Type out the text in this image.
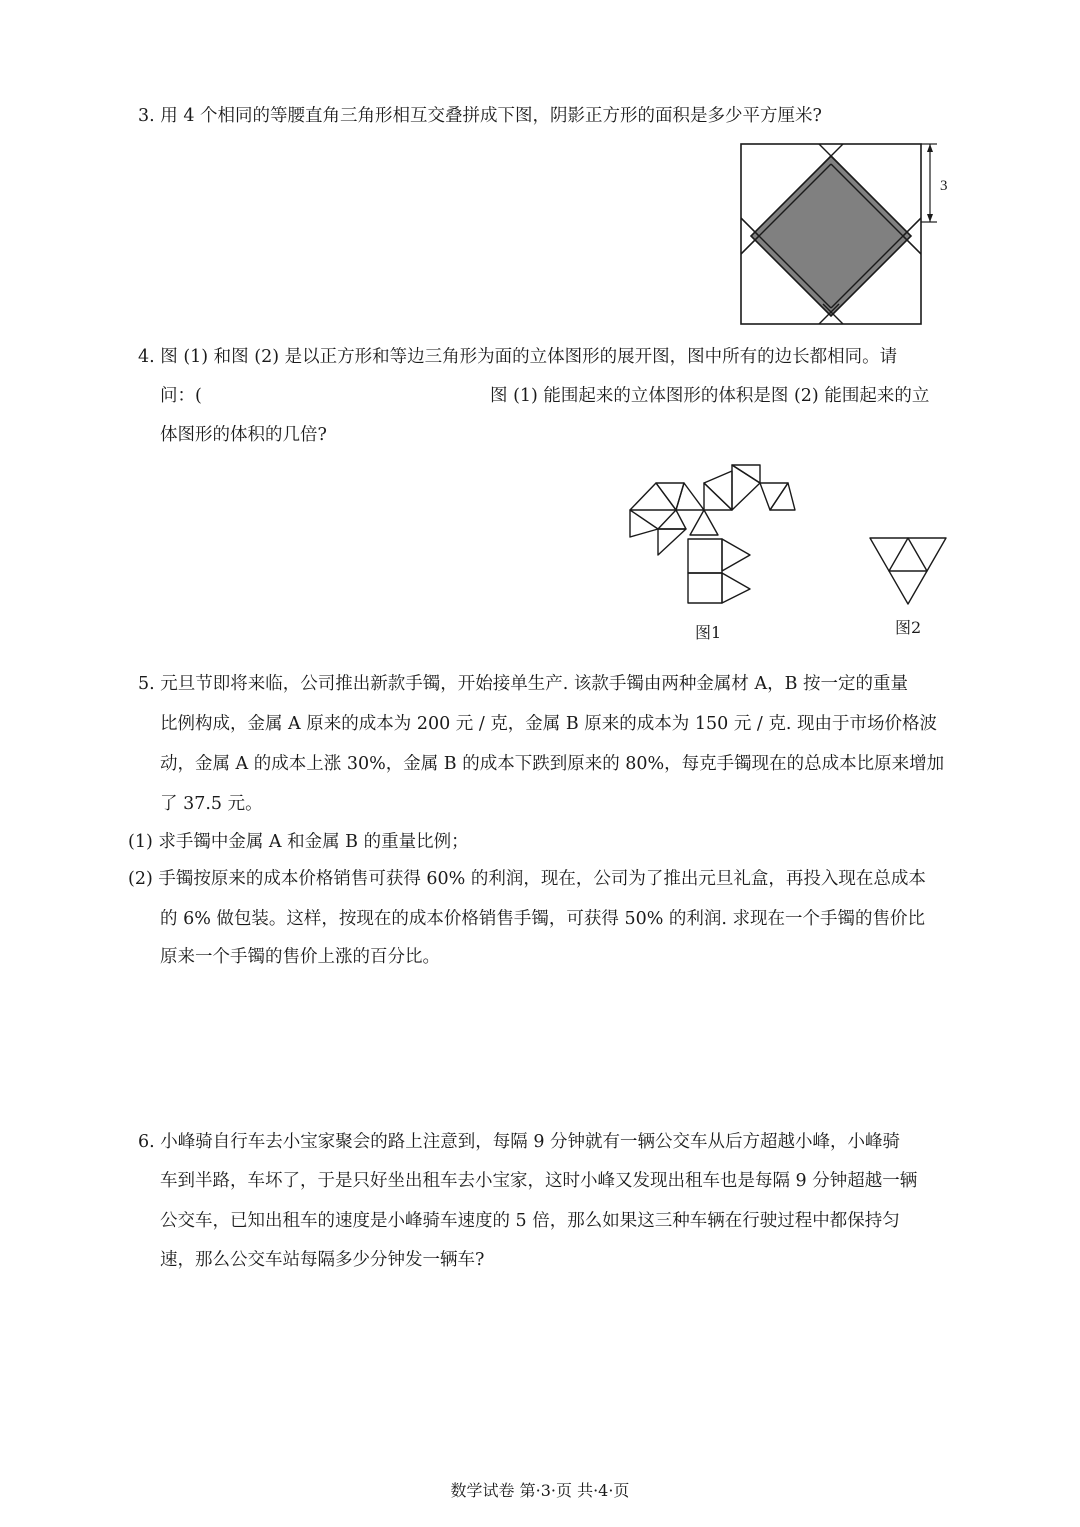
3. 用 4 个相同的等腰直角三角形相互交叠拼成下图，阴影正方形的面积是多少平方厘米?
3
4. 图 (1) 和图 (2) 是以正方形和等边三角形为面的立体图形的展开图，图中所有的边长都相同。请
问：(	图 (1) 能围起来的立体图形的体积是图 (2) 能围起来的立
体图形的体积的几倍?
图1	图2
5. 元旦节即将来临，公司推出新款手镯，开始接单生产. 该款手镯由两种金属材 A，B 按一定的重量
比例构成，金属 A 原来的成本为 200 元 / 克，金属 B 原来的成本为 150 元 / 克. 现由于市场价格波
动，金属 A 的成本上涨 30%，金属 B 的成本下跌到原来的 80%，每克手镯现在的总成本比原来增加
了 37.5 元。
(1) 求手镯中金属 A 和金属 B 的重量比例；
(2) 手镯按原来的成本价格销售可获得 60% 的利润，现在，公司为了推出元旦礼盒，再投入现在总成本
的 6% 做包装。这样，按现在的成本价格销售手镯，可获得 50% 的利润. 求现在一个手镯的售价比
原来一个手镯的售价上涨的百分比。
6. 小峰骑自行车去小宝家聚会的路上注意到，每隔 9 分钟就有一辆公交车从后方超越小峰，小峰骑
车到半路，车坏了，于是只好坐出租车去小宝家，这时小峰又发现出租车也是每隔 9 分钟超越一辆
公交车，已知出租车的速度是小峰骑车速度的 5 倍，那么如果这三种车辆在行驶过程中都保持匀
速，那么公交车站每隔多少分钟发一辆车?
数学试卷 第·3·页 共·4·页
